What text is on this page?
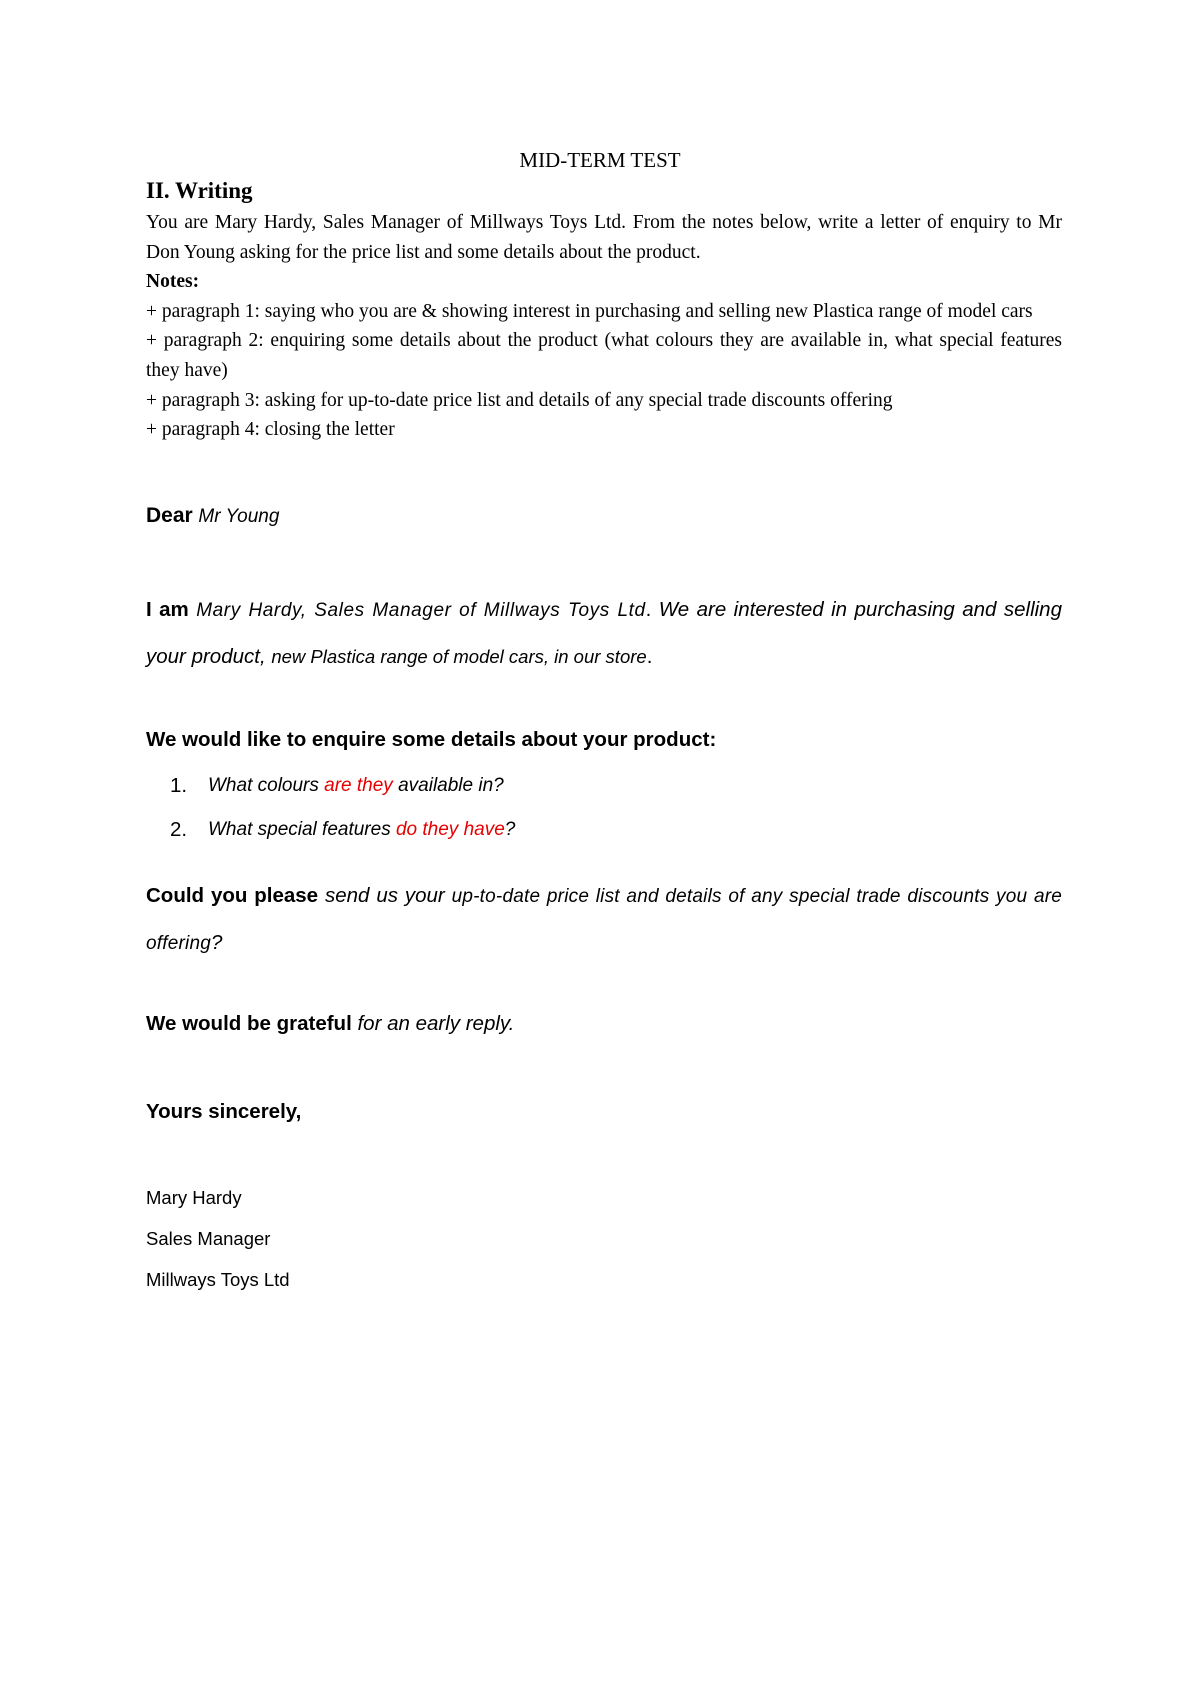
MID-TERM TEST
II. Writing

You are Mary Hardy, Sales Manager of Millways Toys Ltd. From the notes below, write a letter of enquiry to Mr Don Young asking for the price list and some details about the product.

Notes:

+ paragraph 1: saying who you are & showing interest in purchasing and selling new Plastica range of model cars

+ paragraph 2: enquiring some details about the product (what colours they are available in, what special features they have)

+ paragraph 3: asking for up-to-date price list and details of any special trade discounts offering

+ paragraph 4: closing the letter

Dear Mr Young
I am Mary Hardy, Sales Manager of Millways Toys Ltd. We are interested in purchasing and selling your product, new Plastica range of model cars, in our store.
We would like to enquire some details about your product:
1. What colours are they available in?
2. What special features do they have?
Could you please send us your up-to-date price list and details of any special trade discounts you are offering?
We would be grateful for an early reply.
Yours sincerely,
Mary Hardy
Sales Manager
Millways Toys Ltd
